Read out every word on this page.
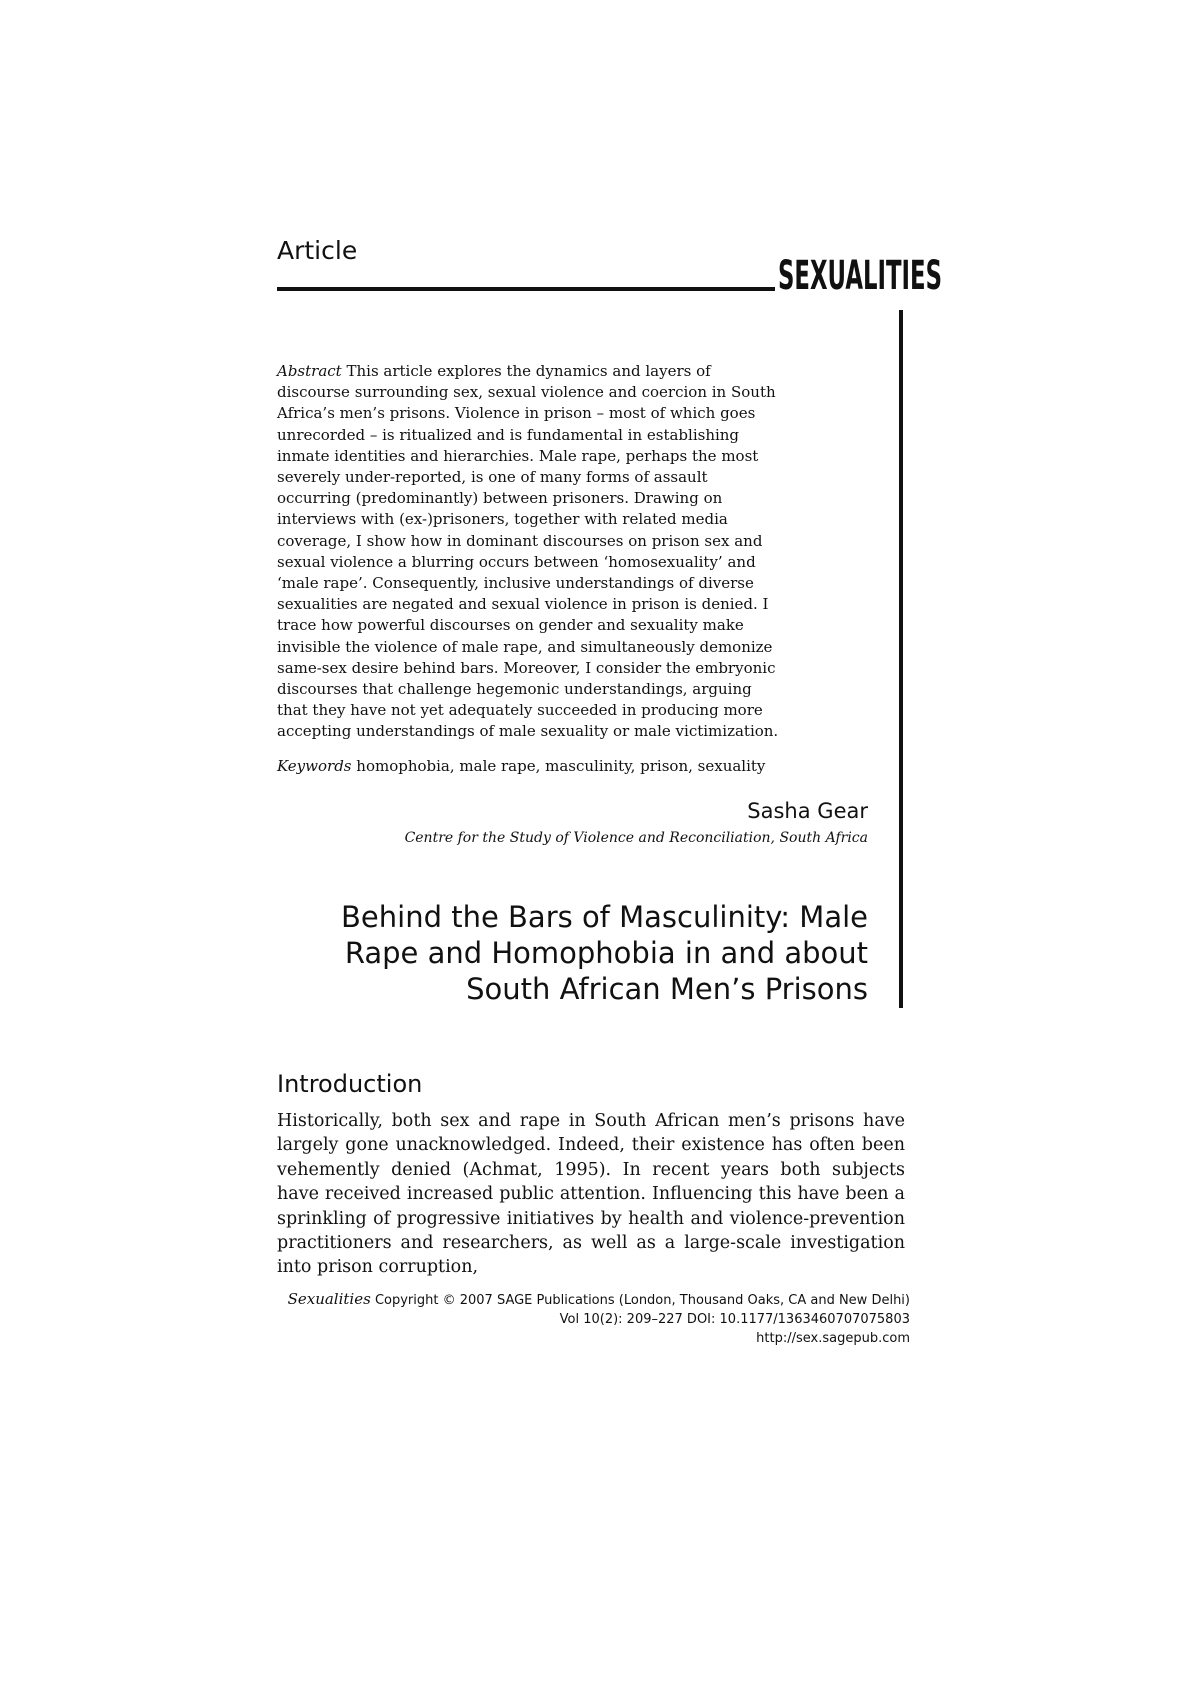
Article
SEXUALITIES
Abstract This article explores the dynamics and layers of discourse surrounding sex, sexual violence and coercion in South Africa’s men’s prisons. Violence in prison – most of which goes unrecorded – is ritualized and is fundamental in establishing inmate identities and hierarchies. Male rape, perhaps the most severely under-reported, is one of many forms of assault occurring (predominantly) between prisoners. Drawing on interviews with (ex-)prisoners, together with related media coverage, I show how in dominant discourses on prison sex and sexual violence a blurring occurs between ‘homosexuality’ and ‘male rape’. Consequently, inclusive understandings of diverse sexualities are negated and sexual violence in prison is denied. I trace how powerful discourses on gender and sexuality make invisible the violence of male rape, and simultaneously demonize same-sex desire behind bars. Moreover, I consider the embryonic discourses that challenge hegemonic understandings, arguing that they have not yet adequately succeeded in producing more accepting understandings of male sexuality or male victimization.
Keywords homophobia, male rape, masculinity, prison, sexuality
Sasha Gear
Centre for the Study of Violence and Reconciliation, South Africa
Behind the Bars of Masculinity: Male
Rape and Homophobia in and about
South African Men’s Prisons
Introduction
Historically, both sex and rape in South African men’s prisons have largely gone unacknowledged. Indeed, their existence has often been vehemently denied (Achmat, 1995). In recent years both subjects have received increased public attention. Influencing this have been a sprinkling of progressive initiatives by health and violence-prevention practitioners and researchers, as well as a large-scale investigation into prison corruption,
Sexualities Copyright © 2007 SAGE Publications (London, Thousand Oaks, CA and New Delhi)
Vol 10(2): 209–227 DOI: 10.1177/1363460707075803
http://sex.sagepub.com
